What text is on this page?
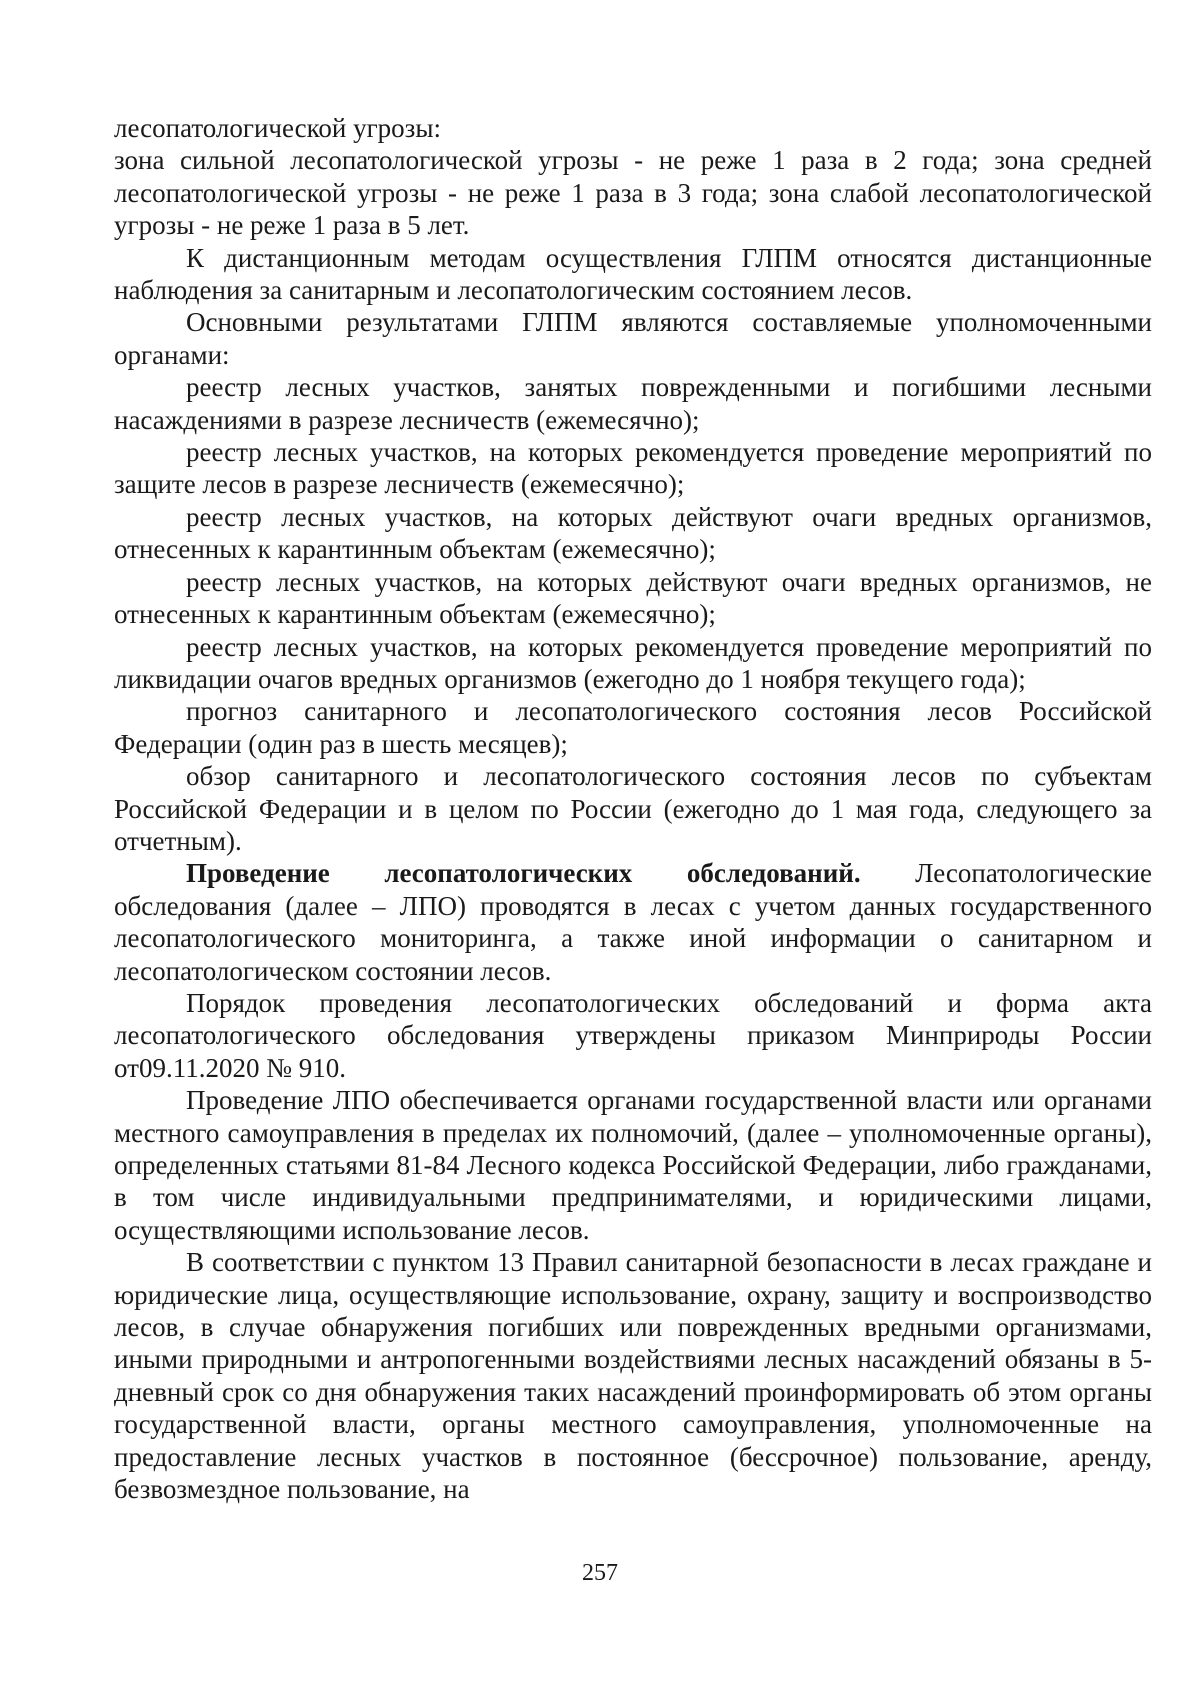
лесопатологической угрозы:

зона сильной лесопатологической угрозы - не реже 1 раза в 2 года; зона средней лесопатологической угрозы - не реже 1 раза в 3 года; зона слабой лесопатологической угрозы - не реже 1 раза в 5 лет.

К дистанционным методам осуществления ГЛПМ относятся дистанционные наблюдения за санитарным и лесопатологическим состоянием лесов.

Основными результатами ГЛПМ являются составляемые уполномоченными органами:

реестр лесных участков, занятых поврежденными и погибшими лесными насаждениями в разрезе лесничеств (ежемесячно);

реестр лесных участков, на которых рекомендуется проведение мероприятий по защите лесов в разрезе лесничеств (ежемесячно);

реестр лесных участков, на которых действуют очаги вредных организмов, отнесенных к карантинным объектам (ежемесячно);

реестр лесных участков, на которых действуют очаги вредных организмов, не отнесенных к карантинным объектам (ежемесячно);

реестр лесных участков, на которых рекомендуется проведение мероприятий по ликвидации очагов вредных организмов (ежегодно до 1 ноября текущего года);

прогноз санитарного и лесопатологического состояния лесов Российской Федерации (один раз в шесть месяцев);

обзор санитарного и лесопатологического состояния лесов по субъектам Российской Федерации и в целом по России (ежегодно до 1 мая года, следующего за отчетным).

Проведение лесопатологических обследований. Лесопатологические обследования (далее – ЛПО) проводятся в лесах с учетом данных государственного лесопатологического мониторинга, а также иной информации о санитарном и лесопатологическом состоянии лесов.

Порядок проведения лесопатологических обследований и форма акта лесопатологического обследования утверждены приказом Минприроды России от09.11.2020 № 910.

Проведение ЛПО обеспечивается органами государственной власти или органами местного самоуправления в пределах их полномочий, (далее – уполномоченные органы), определенных статьями 81-84 Лесного кодекса Российской Федерации, либо гражданами, в том числе индивидуальными предпринимателями, и юридическими лицами, осуществляющими использование лесов.

В соответствии с пунктом 13 Правил санитарной безопасности в лесах граждане и юридические лица, осуществляющие использование, охрану, защиту и воспроизводство лесов, в случае обнаружения погибших или поврежденных вредными организмами, иными природными и антропогенными воздействиями лесных насаждений обязаны в 5-дневный срок со дня обнаружения таких насаждений проинформировать об этом органы государственной власти, органы местного самоуправления, уполномоченные на предоставление лесных участков в постоянное (бессрочное) пользование, аренду, безвозмездное пользование, на

257
